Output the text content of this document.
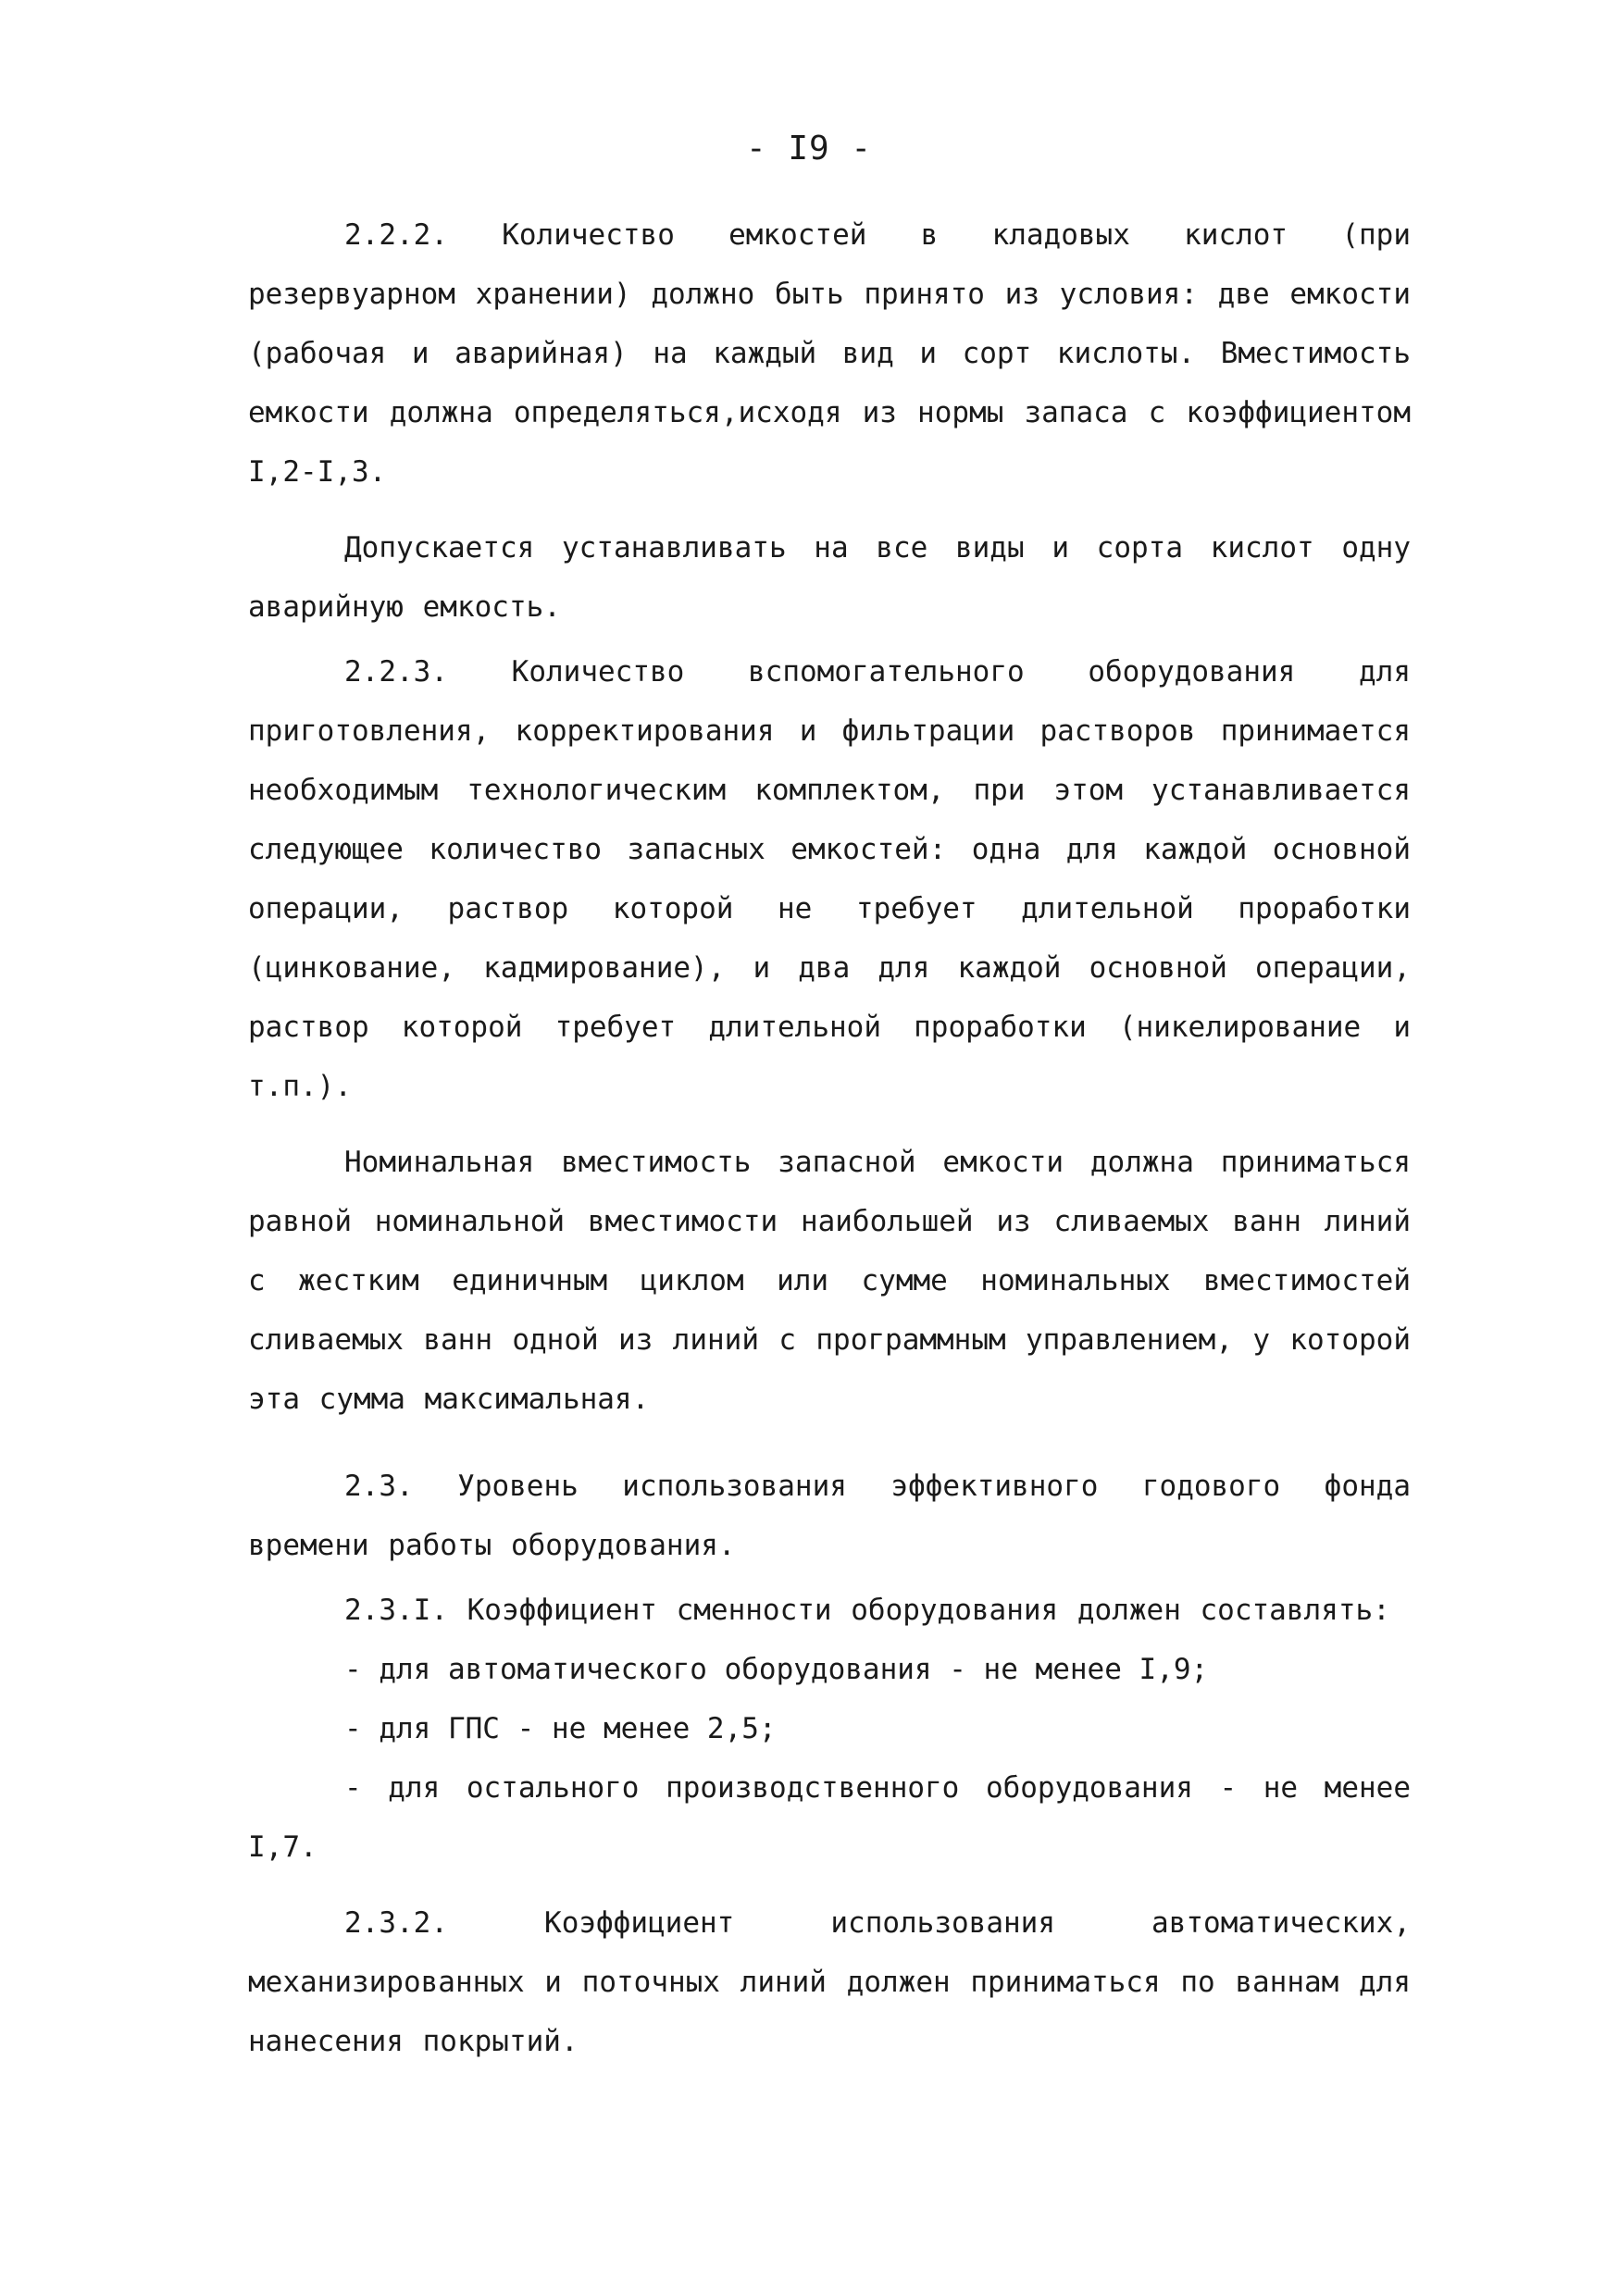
- I9 -

2.2.2. Количество емкостей в кладовых кислот (при резервуарном хранении) должно быть принято из условия: две емкости (рабочая и аварийная) на каждый вид и сорт кислоты. Вместимость емкости должна определяться,исходя из нормы запаса с коэффициентом I,2-I,3.

Допускается устанавливать на все виды и сорта кислот одну аварийную емкость.

2.2.3. Количество вспомогательного оборудования для приготовления, корректирования и фильтрации растворов принимается необходимым технологическим комплектом, при этом устанавливается следующее количество запасных емкостей: одна для каждой основной операции, раствор которой не требует длительной проработки (цинкование, кадмирование), и два для каждой основной операции, раствор которой требует длительной проработки (никелирование и т.п.).

Номинальная вместимость запасной емкости должна приниматься равной номинальной вместимости наибольшей из сливаемых ванн линий с жестким единичным циклом или сумме номинальных вместимостей сливаемых ванн одной из линий с программным управлением, у которой эта сумма максимальная.

2.3. Уровень использования эффективного годового фонда времени работы оборудования.

2.3.I. Коэффициент сменности оборудования должен составлять:

- для автоматического оборудования - не менее I,9;

- для ГПС - не менее 2,5;

- для остального производственного оборудования - не менее I,7.

2.3.2. Коэффициент использования автоматических, механизированных и поточных линий должен приниматься по ваннам для нанесения покрытий.
